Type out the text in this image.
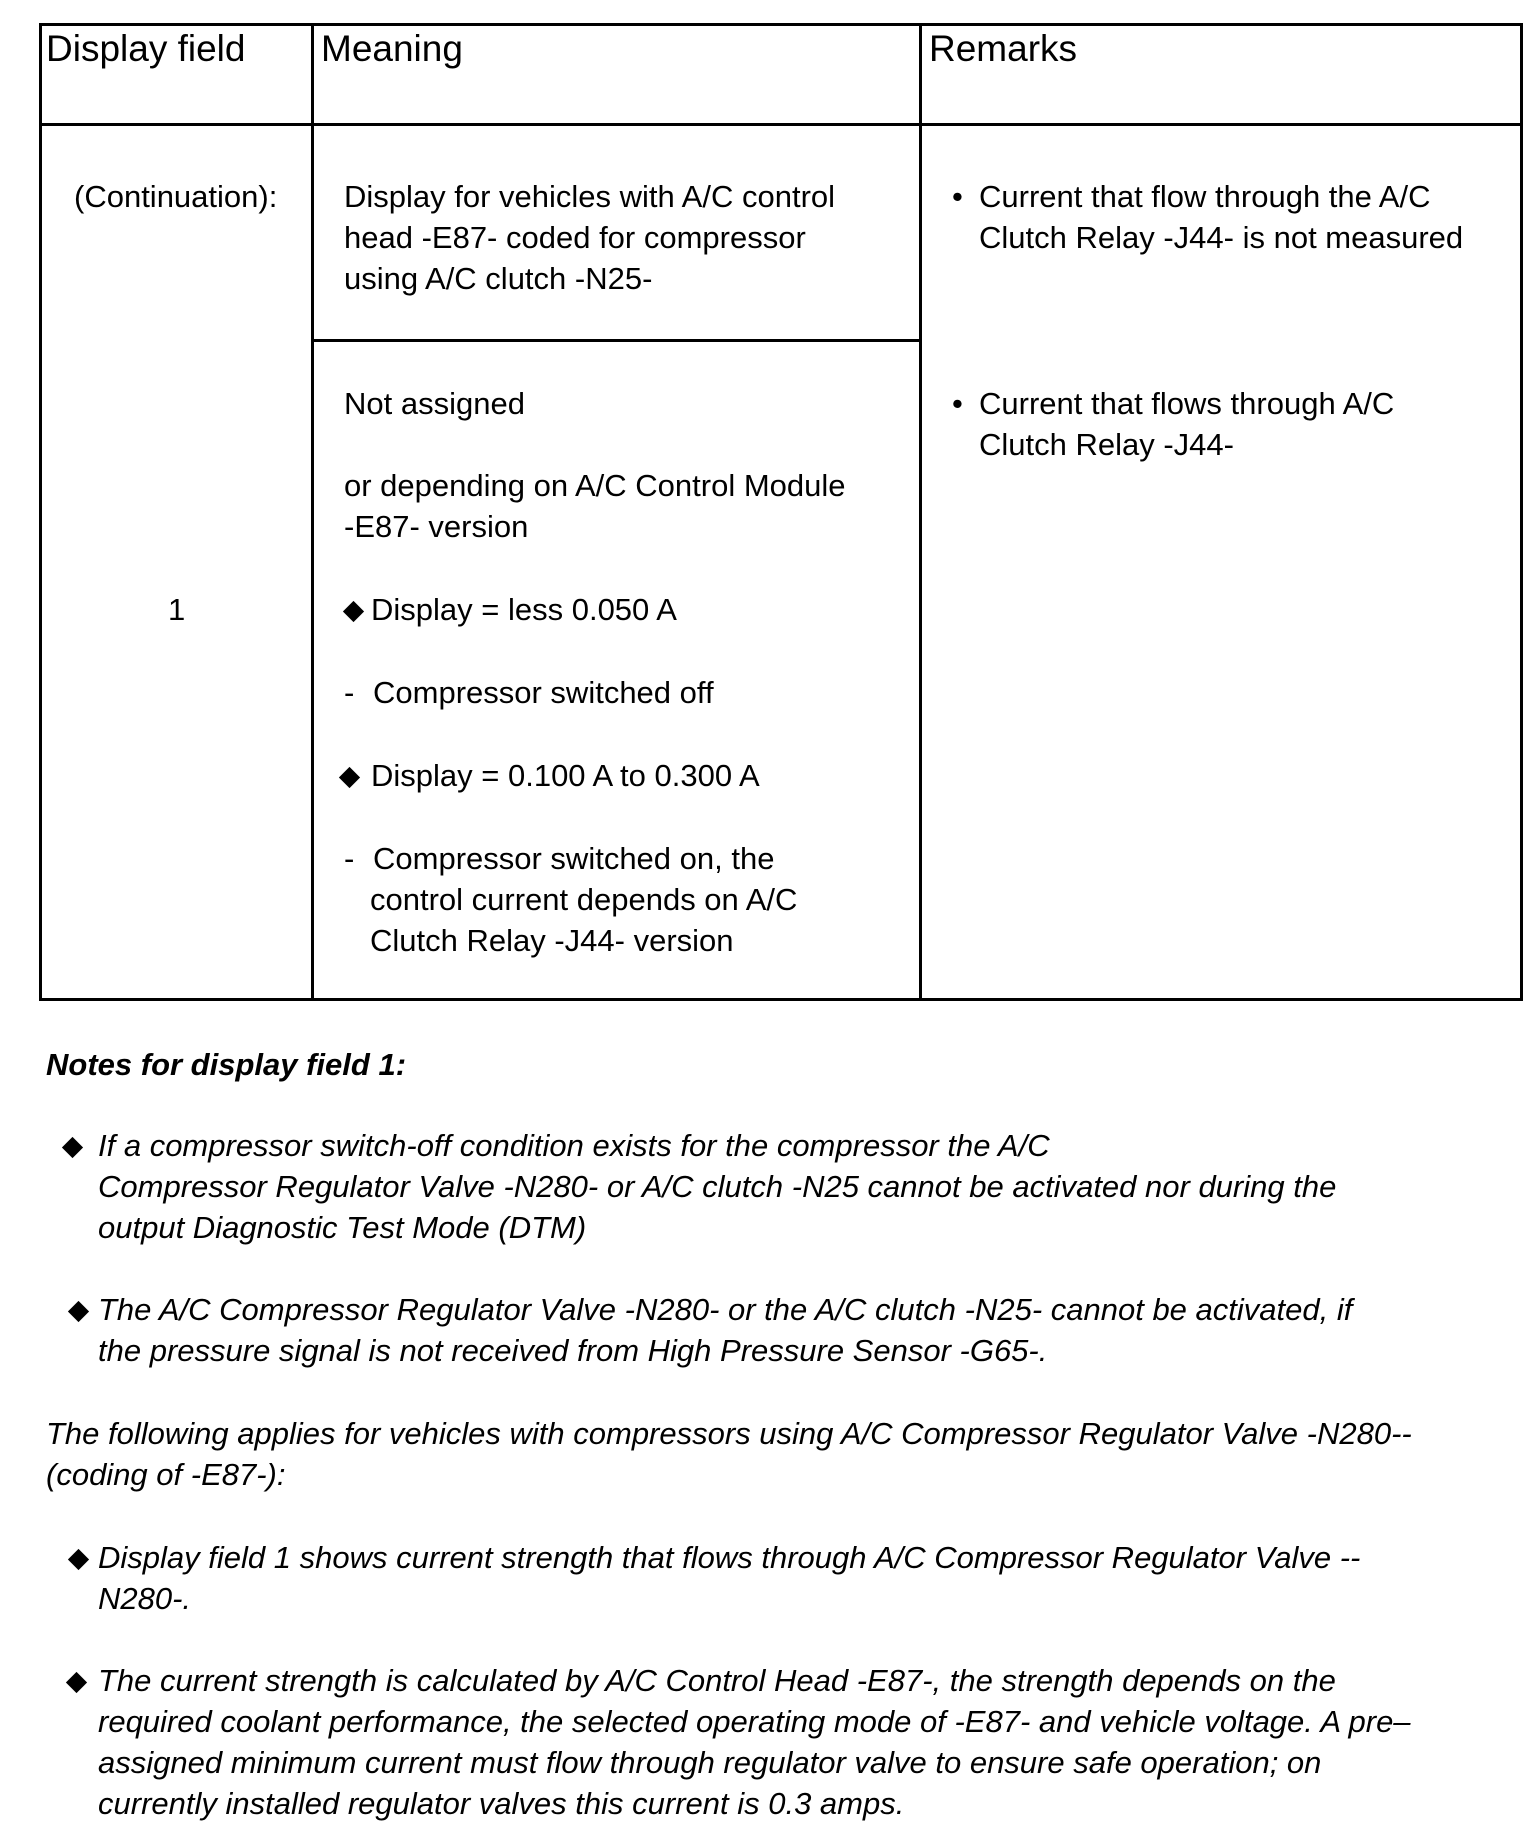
Display field Meaning	Remarks
(Continuation):
1
Display for vehicles with A/C control
head -E87- coded for compressor
using A/C clutch -N25-
Not assigned
or depending on A/C Control Module
-E87- version
Display = less 0.050 A
- Compressor switched off
Display = 0.100 A to 0.300 A
- Compressor switched on, the
control current depends on A/C
Clutch Relay -J44- version
• Current that flow through the A/C
Clutch Relay -J44- is not measured
• Current that flows through A/C
Clutch Relay -J44-
Notes for display field 1:
If a compressor switch-off condition exists for the compressor the A/C
Compressor Regulator Valve -N280- or A/C clutch -N25 cannot be activated nor during the
output Diagnostic Test Mode (DTM)
The A/C Compressor Regulator Valve -N280- or the A/C clutch -N25- cannot be activated, if
the pressure signal is not received from High Pressure Sensor -G65-.
The following applies for vehicles with compressors using A/C Compressor Regulator Valve -N280--
(coding of -E87-):
Display field 1 shows current strength that flows through A/C Compressor Regulator Valve --
N280-.
The current strength is calculated by A/C Control Head -E87-, the strength depends on the
required coolant performance, the selected operating mode of -E87- and vehicle voltage. A pre–
assigned minimum current must flow through regulator valve to ensure safe operation; on
currently installed regulator valves this current is 0.3 amps.
